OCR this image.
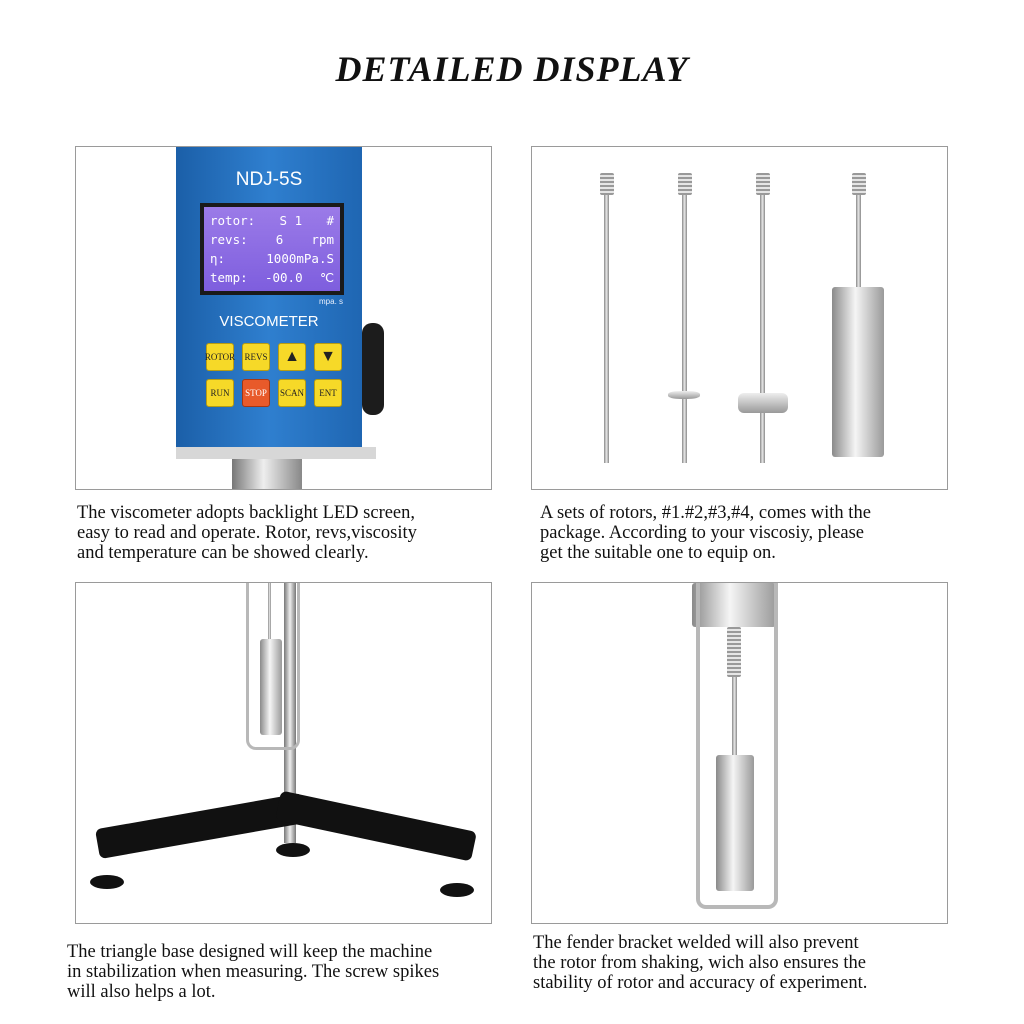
DETAILED DISPLAY
NDJ-5S
rotor: S 1 #
revs: 6 rpm
η:	1000mPa.S
temp: -00.0 ℃
mpa. s
VISCOMETER
ROTOR REVS	▲	▼
RUN	STOP	SCAN	ENT
The viscometer adopts backlight LED screen,
easy to read and operate. Rotor, revs,viscosity
and temperature can be showed clearly.
A sets of rotors, #1.#2,#3,#4, comes with the
package. According to your viscosiy, please
get the suitable one to equip on.
The triangle base designed will keep the machine
in stabilization when measuring. The screw spikes
will also helps a lot.
The fender bracket welded will also prevent
the rotor from shaking, wich also ensures the
stability of rotor and accuracy of experiment.
